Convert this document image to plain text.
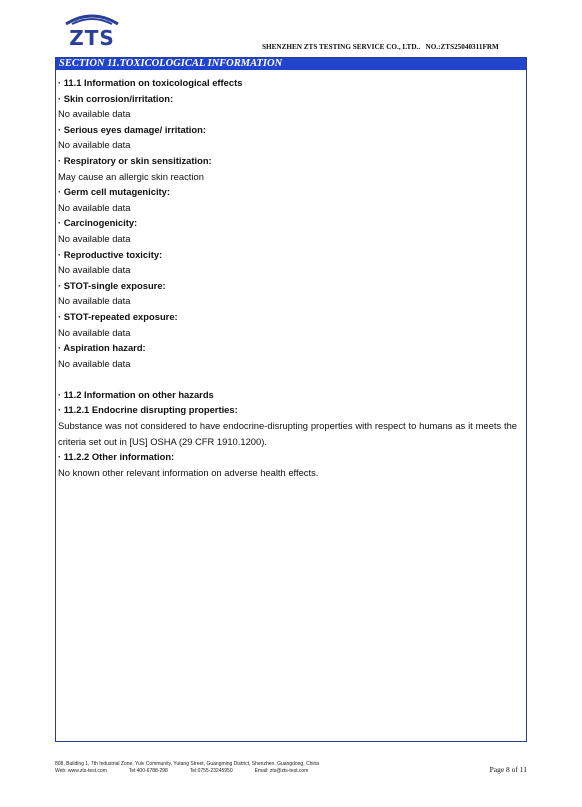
ZTS	SHENZHEN ZTS TESTING SERVICE CO., LTD.. NO.:ZTS25040311FRM
SECTION 11.TOXICOLOGICAL INFORMATION
· 11.1 Information on toxicological effects
· Skin corrosion/irritation:
No available data
· Serious eyes damage/ irritation:
No available data
· Respiratory or skin sensitization:
May cause an allergic skin reaction
· Germ cell mutagenicity:
No available data
· Carcinogenicity:
No available data
· Reproductive toxicity:
No available data
· STOT-single exposure:
No available data
· STOT-repeated exposure:
No available data
· Aspiration hazard:
No available data
· 11.2 Information on other hazards
· 11.2.1 Endocrine disrupting properties:
Substance was not considered to have endocrine-disrupting properties with respect to humans as it meets the criteria set out in [US] OSHA (29 CFR 1910.1200).
· 11.2.2 Other information:
No known other relevant information on adverse health effects.
808, Building 1, 7th Industrial Zone, Yulv Community, Yutang Street, Guangming District, Shenzhen, Guangdong, China
Web: www.zts-test.com	Tel:400-6788-298	Tel:0755-23245950	Email: zts@zts-test.com	Page 8 of 11
